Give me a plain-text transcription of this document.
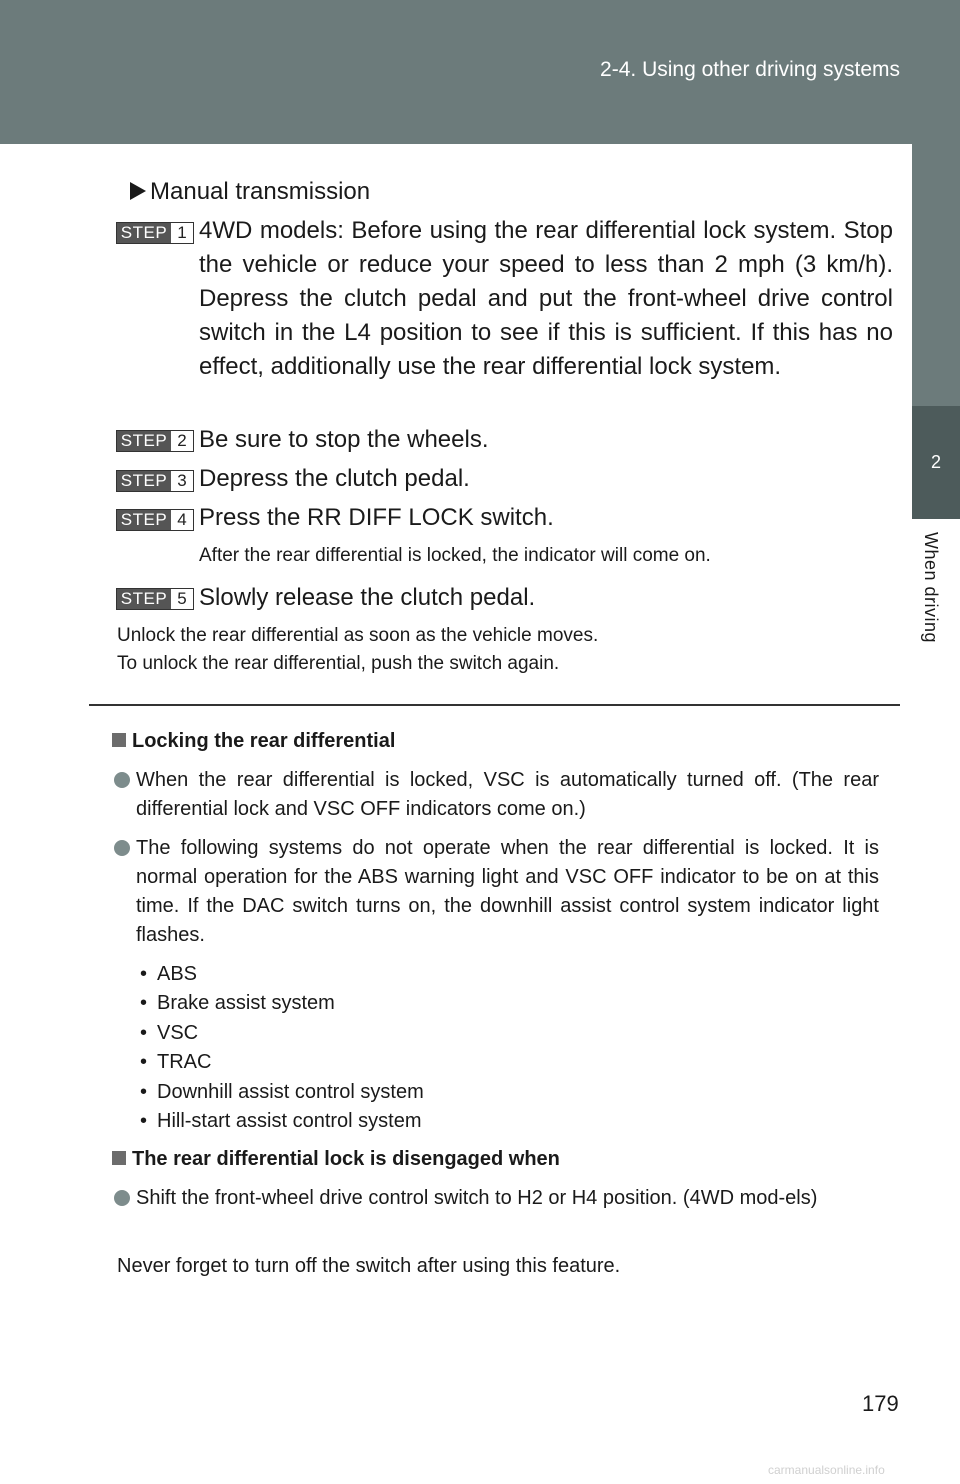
2-4. Using other driving systems
2
When driving
Manual transmission
STEP 1 4WD models: Before using the rear differential lock system. Stop the vehicle or reduce your speed to less than 2 mph (3 km/h). Depress the clutch pedal and put the front-wheel drive control switch in the L4 position to see if this is sufficient. If this has no effect, additionally use the rear differential lock system.
STEP 2 Be sure to stop the wheels.
STEP 3 Depress the clutch pedal.
STEP 4 Press the RR DIFF LOCK switch.
After the rear differential is locked, the indicator will come on.
STEP 5 Slowly release the clutch pedal.
Unlock the rear differential as soon as the vehicle moves.
To unlock the rear differential, push the switch again.
Locking the rear differential
When the rear differential is locked, VSC is automatically turned off. (The rear differential lock and VSC OFF indicators come on.)
The following systems do not operate when the rear differential is locked. It is normal operation for the ABS warning light and VSC OFF indicator to be on at this time. If the DAC switch turns on, the downhill assist control system indicator light flashes.
• ABS
• Brake assist system
• VSC
• TRAC
• Downhill assist control system
• Hill-start assist control system
The rear differential lock is disengaged when
Shift the front-wheel drive control switch to H2 or H4 position. (4WD mod-els)
Never forget to turn off the switch after using this feature.
179
carmanualsonline.info
